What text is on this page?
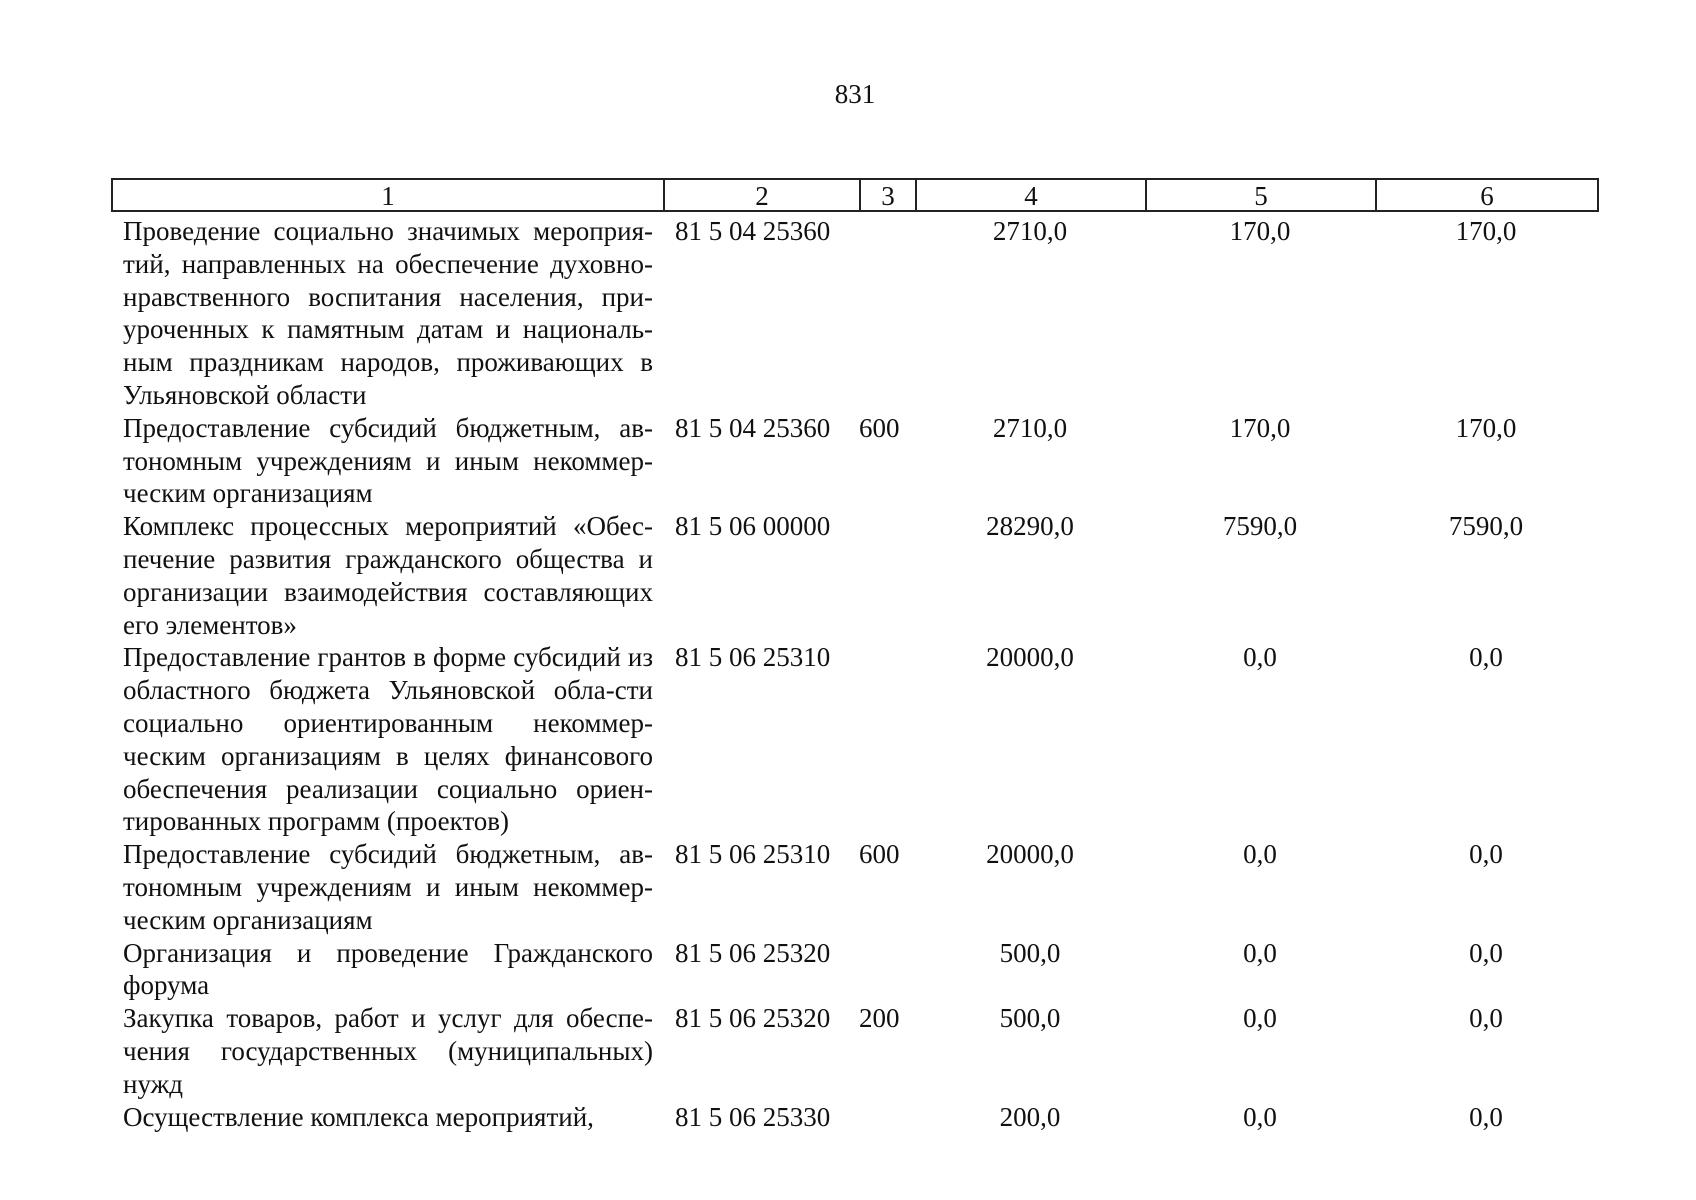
831
1	2	3	4	5	6
Проведение социально значимых мероприя-тий, направленных на обеспечение духовно-нравственного воспитания населения, при-уроченных к памятным датам и националь-ным праздникам народов, проживающих в Ульяновской области	81 5 04 25360		2710,0	170,0	170,0
Предоставление субсидий бюджетным, ав-тономным учреждениям и иным некоммер-ческим организациям	81 5 04 25360	600	2710,0	170,0	170,0
Комплекс процессных мероприятий «Обес-печение развития гражданского общества и организации взаимодействия составляющих его элементов»	81 5 06 00000		28290,0	7590,0	7590,0
Предоставление грантов в форме субсидий из областного бюджета Ульяновской обла-сти социально ориентированным некоммер-ческим организациям в целях финансового обеспечения реализации социально ориен-тированных программ (проектов)	81 5 06 25310		20000,0	0,0	0,0
Предоставление субсидий бюджетным, ав-тономным учреждениям и иным некоммер-ческим организациям	81 5 06 25310	600	20000,0	0,0	0,0
Организация и проведение Гражданского форума	81 5 06 25320		500,0	0,0	0,0
Закупка товаров, работ и услуг для обеспе-чения государственных (муниципальных) нужд	81 5 06 25320	200	500,0	0,0	0,0
Осуществление комплекса мероприятий,	81 5 06 25330		200,0	0,0	0,0
